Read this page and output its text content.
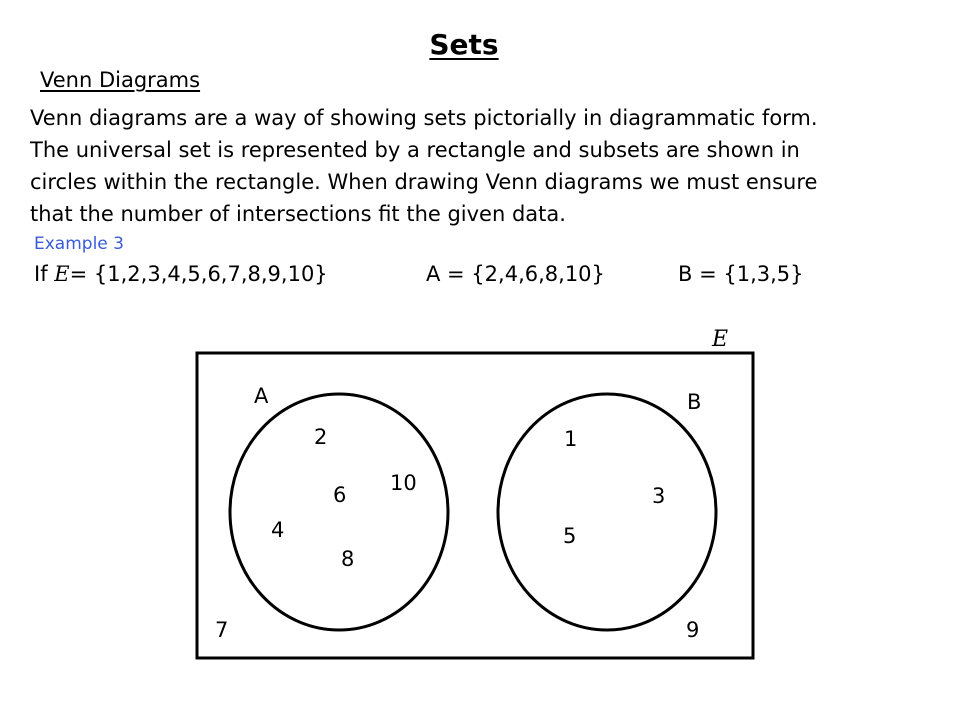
Sets
Venn Diagrams

Venn diagrams are a way of showing sets pictorially in diagrammatic form.
The universal set is represented by a rectangle and subsets are shown in
circles within the rectangle. When drawing Venn diagrams we must ensure
that the number of intersections fit the given data.

Example 3
If E= {1,2,3,4,5,6,7,8,9,10}	A = {2,4,6,8,10}	B = {1,3,5}
E
A	B
2
4
6
8
10
1
3
5
7	9
